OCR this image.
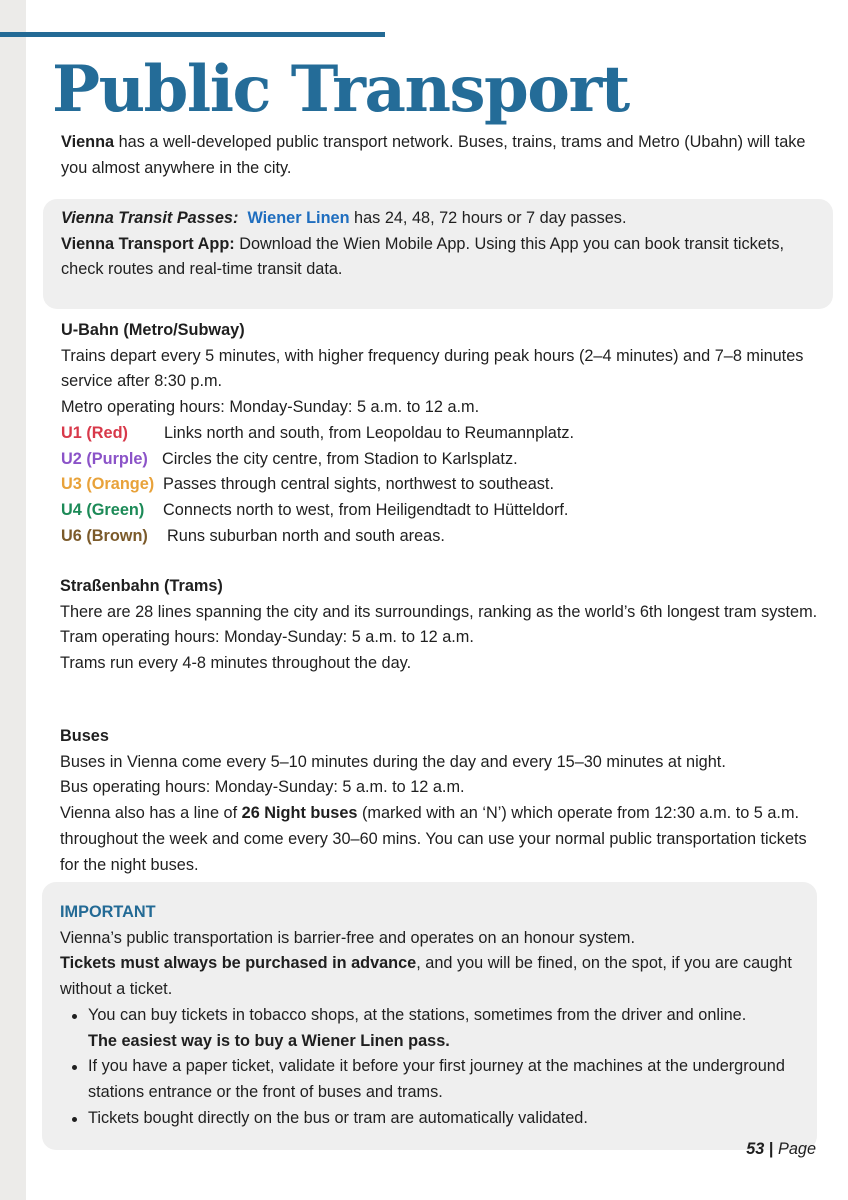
Public Transport
Vienna has a well-developed public transport network. Buses, trains, trams and Metro (Ubahn) will take you almost anywhere in the city.
Vienna Transit Passes: Wiener Linen has 24, 48, 72 hours or 7 day passes.
Vienna Transport App: Download the Wien Mobile App. Using this App you can book transit tickets, check routes and real-time transit data.
U-Bahn (Metro/Subway)
Trains depart every 5 minutes, with higher frequency during peak hours (2–4 minutes) and 7–8 minutes service after 8:30 p.m.
Metro operating hours: Monday-Sunday: 5 a.m. to 12 a.m.
U1 (Red)	Links north and south, from Leopoldau to Reumannplatz.
U2 (Purple) Circles the city centre, from Stadion to Karlsplatz.
U3 (Orange) Passes through central sights, northwest to southeast.
U4 (Green)	Connects north to west, from Heiligendtadt to Hütteldorf.
U6 (Brown)	Runs suburban north and south areas.
Straßenbahn (Trams)
There are 28 lines spanning the city and its surroundings, ranking as the world’s 6th longest tram system.
Tram operating hours: Monday-Sunday: 5 a.m. to 12 a.m.
Trams run every 4-8 minutes throughout the day.
Buses
Buses in Vienna come every 5–10 minutes during the day and every 15–30 minutes at night.
Bus operating hours: Monday-Sunday: 5 a.m. to 12 a.m.
Vienna also has a line of 26 Night buses (marked with an ‘N’) which operate from 12:30 a.m. to 5 a.m. throughout the week and come every 30–60 mins. You can use your normal public transportation tickets for the night buses.
IMPORTANT
Vienna’s public transportation is barrier-free and operates on an honour system.
Tickets must always be purchased in advance, and you will be fined, on the spot, if you are caught without a ticket.
You can buy tickets in tobacco shops, at the stations, sometimes from the driver and online.
The easiest way is to buy a Wiener Linen pass.
If you have a paper ticket, validate it before your first journey at the machines at the underground stations entrance or the front of buses and trams.
Tickets bought directly on the bus or tram are automatically validated.
53 | Page
